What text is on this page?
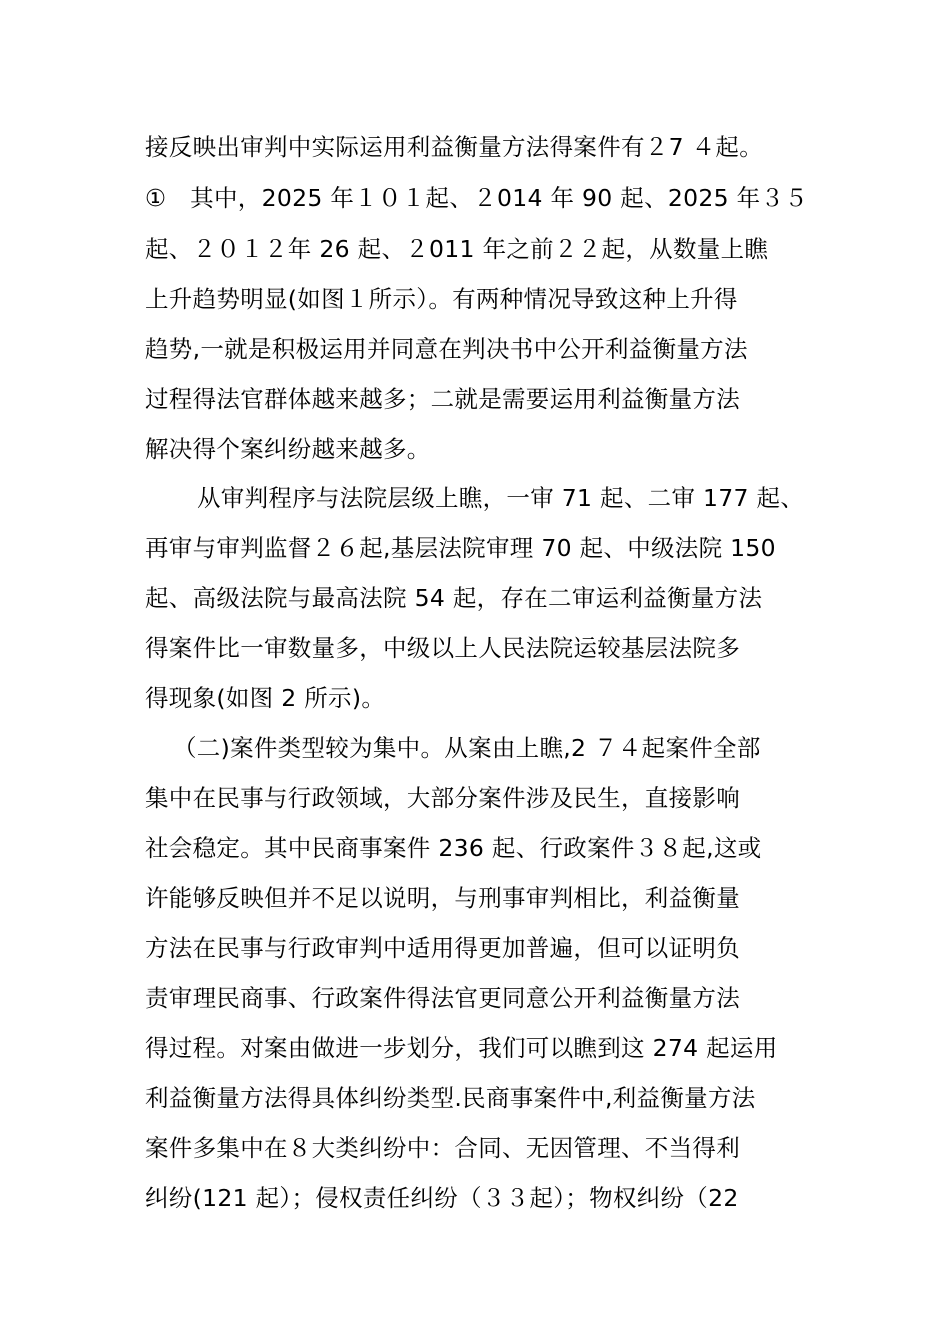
接反映出审判中实际运用利益衡量方法得案件有２7 ４起。
①　其中，2025 年１０１起、２014 年 90 起、2025 年３５
起、２０１２年 26 起、２011 年之前２２起，从数量上瞧
上升趋势明显(如图１所示）。有两种情况导致这种上升得
趋势,一就是积极运用并同意在判决书中公开利益衡量方法
过程得法官群体越来越多；二就是需要运用利益衡量方法
解决得个案纠纷越来越多。
从审判程序与法院层级上瞧，一审 71 起、二审 177 起、
再审与审判监督２６起,基层法院审理 70 起、中级法院 150
起、高级法院与最高法院 54 起，存在二审运利益衡量方法
得案件比一审数量多，中级以上人民法院运较基层法院多
得现象(如图 2 所示)。
（二)案件类型较为集中。从案由上瞧,2 ７４起案件全部
集中在民事与行政领域，大部分案件涉及民生，直接影响
社会稳定。其中民商事案件 236 起、行政案件３８起,这或
许能够反映但并不足以说明，与刑事审判相比，利益衡量
方法在民事与行政审判中适用得更加普遍，但可以证明负
责审理民商事、行政案件得法官更同意公开利益衡量方法
得过程。对案由做进一步划分，我们可以瞧到这 274 起运用
利益衡量方法得具体纠纷类型.民商事案件中,利益衡量方法
案件多集中在８大类纠纷中：合同、无因管理、不当得利
纠纷(121 起）；侵权责任纠纷（３３起）；物权纠纷（22
